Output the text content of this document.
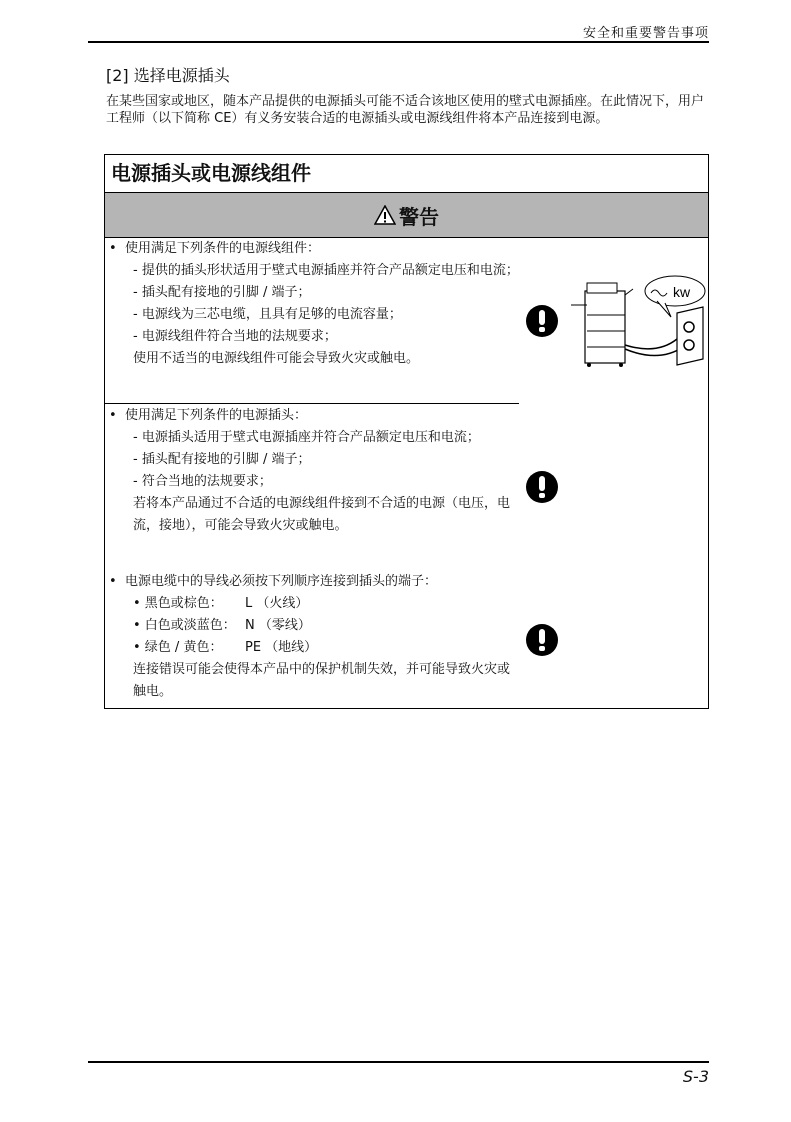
安全和重要警告事项
[2] 选择电源插头
在某些国家或地区，随本产品提供的电源插头可能不适合该地区使用的壁式电源插座。在此情况下，用户工程师（以下简称 CE）有义务安装合适的电源插头或电源线组件将本产品连接到电源。
电源插头或电源线组件
警告
• 使用满足下列条件的电源线组件：
- 提供的插头形状适用于壁式电源插座并符合产品额定电压和电流；
- 插头配有接地的引脚 / 端子；
- 电源线为三芯电缆，且具有足够的电流容量；
- 电源线组件符合当地的法规要求；
使用不适当的电源线组件可能会导致火灾或触电。
• 使用满足下列条件的电源插头：
- 电源插头适用于壁式电源插座并符合产品额定电压和电流；
- 插头配有接地的引脚 / 端子；
- 符合当地的法规要求；
若将本产品通过不合适的电源线组件接到不合适的电源（电压，电流，接地），可能会导致火灾或触电。
• 电源电缆中的导线必须按下列顺序连接到插头的端子：
• 黑色或棕色： L （火线）
• 白色或淡蓝色： N （零线）
• 绿色 / 黄色： PE （地线）
连接错误可能会使得本产品中的保护机制失效，并可能导致火灾或触电。
kw
S-3
